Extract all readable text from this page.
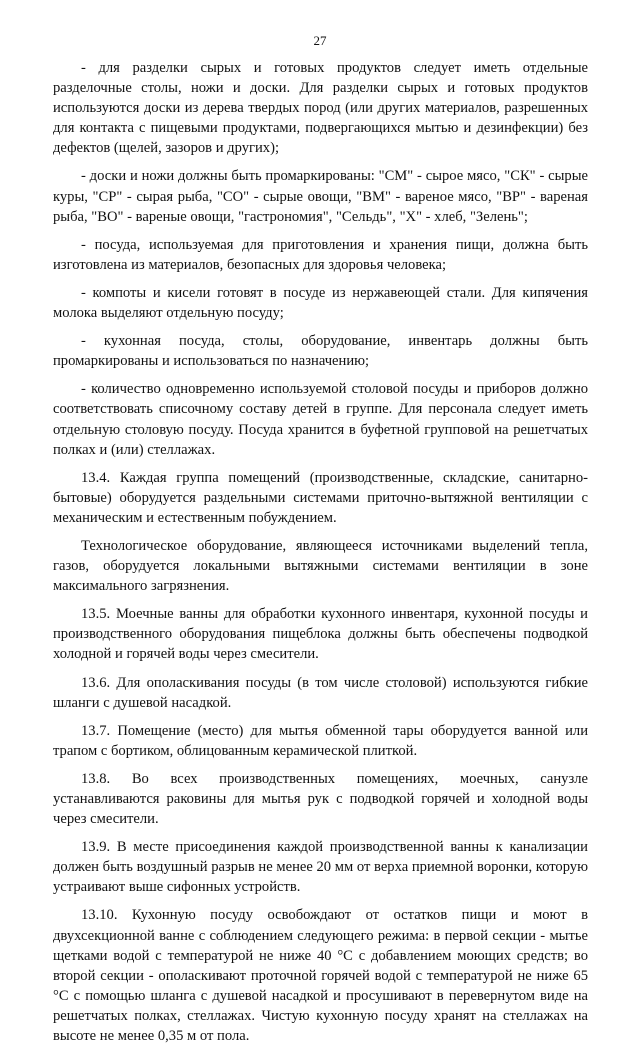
27

- для разделки сырых и готовых продуктов следует иметь отдельные разделочные столы, ножи и доски. Для разделки сырых и готовых продуктов используются доски из дерева твердых пород (или других материалов, разрешенных для контакта с пищевыми продуктами, подвергающихся мытью и дезинфекции) без дефектов (щелей, зазоров и других);

- доски и ножи должны быть промаркированы: "СМ" - сырое мясо, "СК" - сырые куры, "СР" - сырая рыба, "СО" - сырые овощи, "ВМ" - вареное мясо, "ВР" - вареная рыба, "ВО" - вареные овощи, "гастрономия", "Сельдь", "Х" - хлеб, "Зелень";

- посуда, используемая для приготовления и хранения пищи, должна быть изготовлена из материалов, безопасных для здоровья человека;

- компоты и кисели готовят в посуде из нержавеющей стали. Для кипячения молока выделяют отдельную посуду;

- кухонная посуда, столы, оборудование, инвентарь должны быть промаркированы и использоваться по назначению;

- количество одновременно используемой столовой посуды и приборов должно соответствовать списочному составу детей в группе. Для персонала следует иметь отдельную столовую посуду. Посуда хранится в буфетной групповой на решетчатых полках и (или) стеллажах.

13.4. Каждая группа помещений (производственные, складские, санитарно-бытовые) оборудуется раздельными системами приточно-вытяжной вентиляции с механическим и естественным побуждением.

Технологическое оборудование, являющееся источниками выделений тепла, газов, оборудуется локальными вытяжными системами вентиляции в зоне максимального загрязнения.

13.5. Моечные ванны для обработки кухонного инвентаря, кухонной посуды и производственного оборудования пищеблока должны быть обеспечены подводкой холодной и горячей воды через смесители.

13.6. Для ополаскивания посуды (в том числе столовой) используются гибкие шланги с душевой насадкой.

13.7. Помещение (место) для мытья обменной тары оборудуется ванной или трапом с бортиком, облицованным керамической плиткой.

13.8. Во всех производственных помещениях, моечных, санузле устанавливаются раковины для мытья рук с подводкой горячей и холодной воды через смесители.

13.9. В месте присоединения каждой производственной ванны к канализации должен быть воздушный разрыв не менее 20 мм от верха приемной воронки, которую устраивают выше сифонных устройств.

13.10. Кухонную посуду освобождают от остатков пищи и моют в двухсекционной ванне с соблюдением следующего режима: в первой секции - мытье щетками водой с температурой не ниже 40 °С с добавлением моющих средств; во второй секции - ополаскивают проточной горячей водой с температурой не ниже 65 °С с помощью шланга с душевой насадкой и просушивают в перевернутом виде на решетчатых полках, стеллажах. Чистую кухонную посуду хранят на стеллажах на высоте не менее 0,35 м от пола.
